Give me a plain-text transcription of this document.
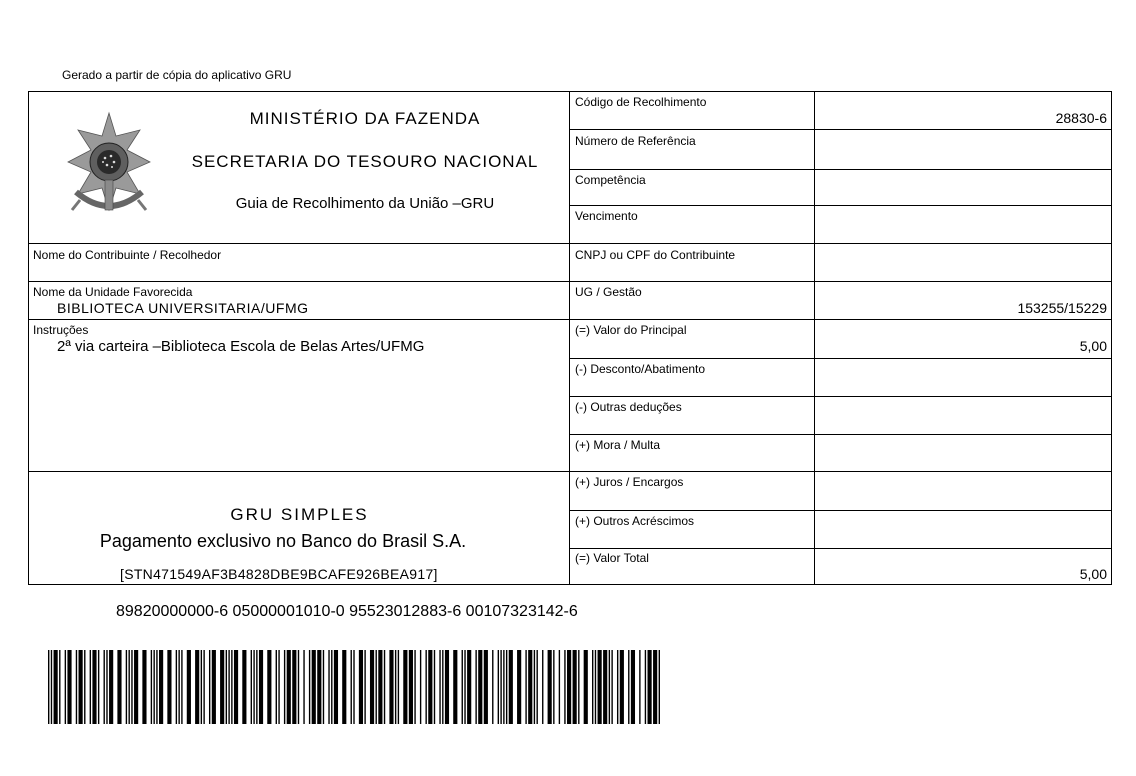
Gerado a partir de cópia do aplicativo GRU
MINISTÉRIO DA FAZENDA
SECRETARIA DO TESOURO NACIONAL
Guia de Recolhimento da União –GRU
Código de Recolhimento
Número de Referência
Competência
Vencimento
CNPJ ou CPF do Contribuinte
UG / Gestão
(=) Valor do Principal
(-) Desconto/Abatimento
(-) Outras deduções
(+) Mora / Multa
(+) Juros / Encargos
(+) Outros Acréscimos
(=) Valor Total
28830-6
153255/15229
5,00
5,00
Nome do Contribuinte / Recolhedor
Nome da Unidade Favorecida
BIBLIOTECA UNIVERSITARIA/UFMG
Instruções
2ª via carteira –Biblioteca Escola de Belas Artes/UFMG
GRU SIMPLES
Pagamento exclusivo no Banco do Brasil S.A.
[STN471549AF3B4828DBE9BCAFE926BEA917]
89820000000-6 05000001010-0 95523012883-6 00107323142-6
